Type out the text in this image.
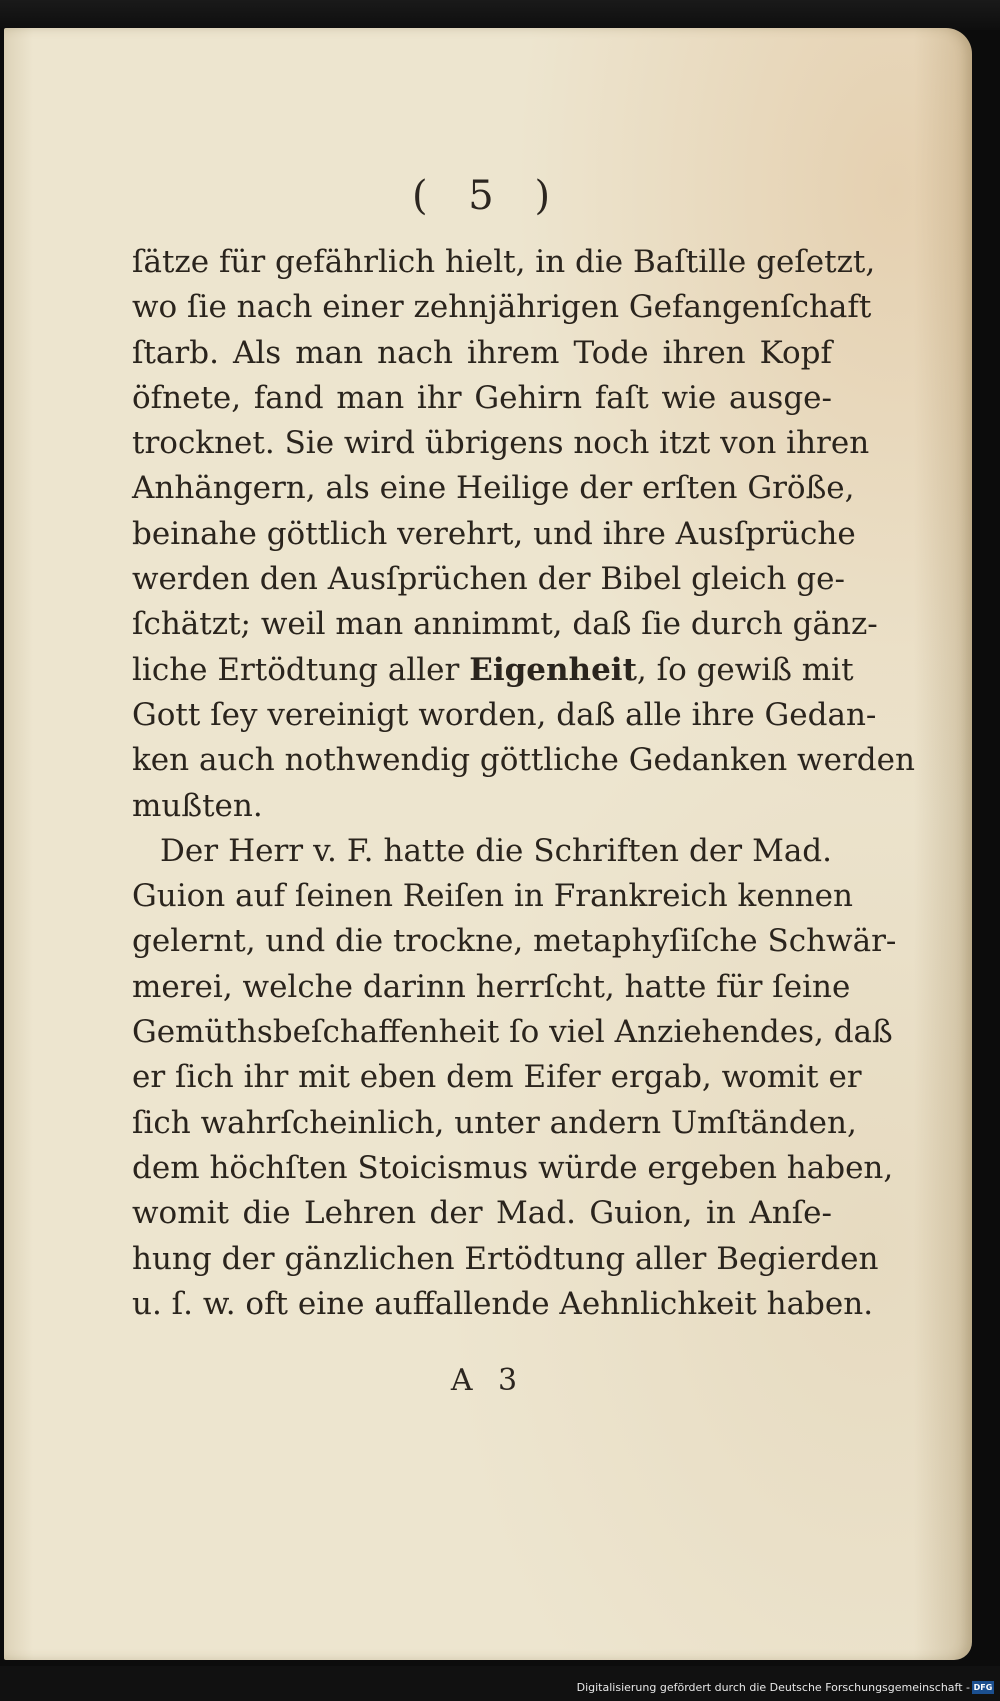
( 5 )
ſätze für gefährlich hielt, in die Baſtille geſetzt,
wo ſie nach einer zehnjährigen Gefangenſchaft
ſtarb. Als man nach ihrem Tode ihren Kopf
öfnete, fand man ihr Gehirn faſt wie ausge-
trocknet. Sie wird übrigens noch itzt von ihren
Anhängern, als eine Heilige der erſten Größe,
beinahe göttlich verehrt, und ihre Ausſprüche
werden den Ausſprüchen der Bibel gleich ge-
ſchätzt; weil man annimmt, daß ſie durch gänz-
liche Ertödtung aller Eigenheit, ſo gewiß mit
Gott ſey vereinigt worden, daß alle ihre Gedan-
ken auch nothwendig göttliche Gedanken werden
mußten.
Der Herr v. F. hatte die Schriften der Mad.
Guion auf ſeinen Reiſen in Frankreich kennen
gelernt, und die trockne, metaphyſiſche Schwär-
merei, welche darinn herrſcht, hatte für ſeine
Gemüthsbeſchaffenheit ſo viel Anziehendes, daß
er ſich ihr mit eben dem Eifer ergab, womit er
ſich wahrſcheinlich, unter andern Umſtänden,
dem höchſten Stoicismus würde ergeben haben,
womit die Lehren der Mad. Guion, in Anſe-
hung der gänzlichen Ertödtung aller Begierden
u. ſ. w. oft eine auffallende Aehnlichkeit haben.
A 3
Digitalisierung gefördert durch die Deutsche Forschungsgemeinschaft - DFG
